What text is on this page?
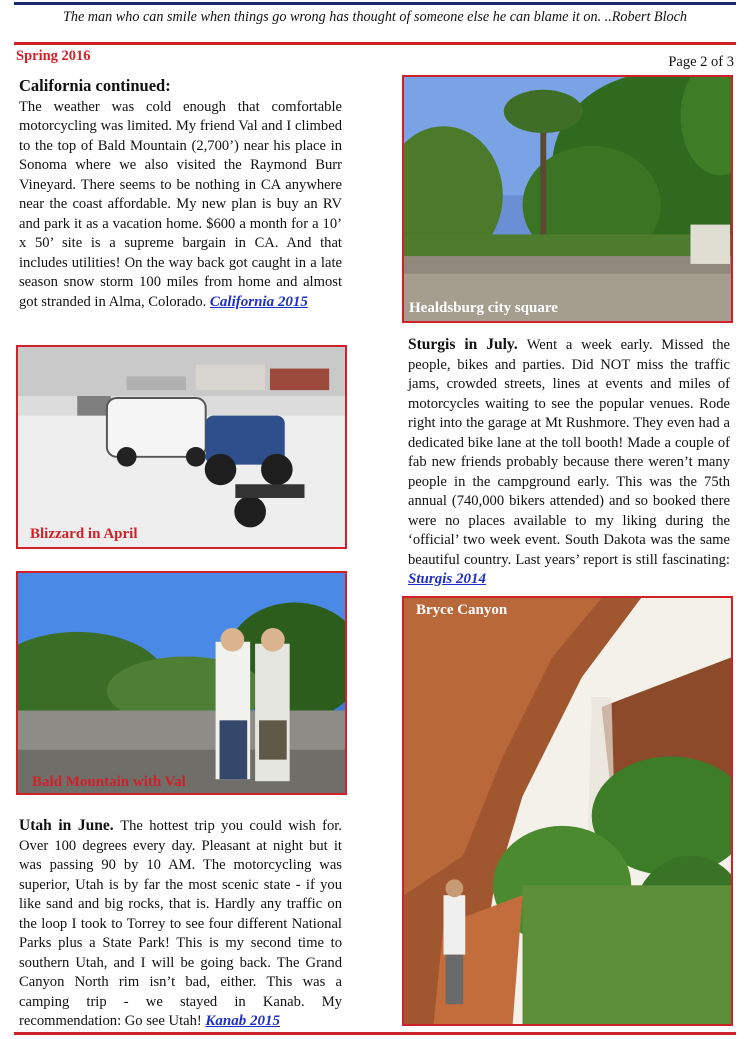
The man who can smile when things go wrong has thought of someone else he can blame it on. ..Robert Bloch
Spring 2016	Page 2 of 3
California continued:
The weather was cold enough that comfortable motorcycling was limited. My friend Val and I climbed to the top of Bald Mountain (2,700’) near his place in Sonoma where we also visited the Raymond Burr Vineyard. There seems to be nothing in CA anywhere near the coast affordable. My new plan is buy an RV and park it as a vacation home. $600 a month for a 10’ x 50’ site is a supreme bargain in CA. And that includes utilities! On the way back got caught in a late season snow storm 100 miles from home and almost got stranded in Alma, Colorado. California 2015	Healdsburg city square
Sturgis in July. Went a week early. Missed the people, bikes and parties. Did NOT miss the traffic jams, crowded streets, lines at events and miles of motorcycles waiting to see the popular venues. Rode right into the garage at Mt Rushmore. They even had a dedicated bike lane at the toll booth! Made a couple of fab new friends probably because there weren’t many people in the campground early. This was the 75th annual (740,000 bikers attended) and so booked there were no places available to my liking during the ‘official’ two week event. South Dakota was the same beautiful country. Last years’ report is still fascinating: Sturgis 2014
Blizzard in April
Bald Mountain with Val
Utah in June. The hottest trip you could wish for. Over 100 degrees every day. Pleasant at night but it was passing 90 by 10 AM. The motorcycling was superior, Utah is by far the most scenic state - if you like sand and big rocks, that is. Hardly any traffic on the loop I took to Torrey to see four different National Parks plus a State Park! This is my second time to southern Utah, and I will be going back. The Grand Canyon North rim isn’t bad, either. This was a camping trip - we stayed in Kanab. My recommendation: Go see Utah! Kanab 2015
Bryce Canyon
